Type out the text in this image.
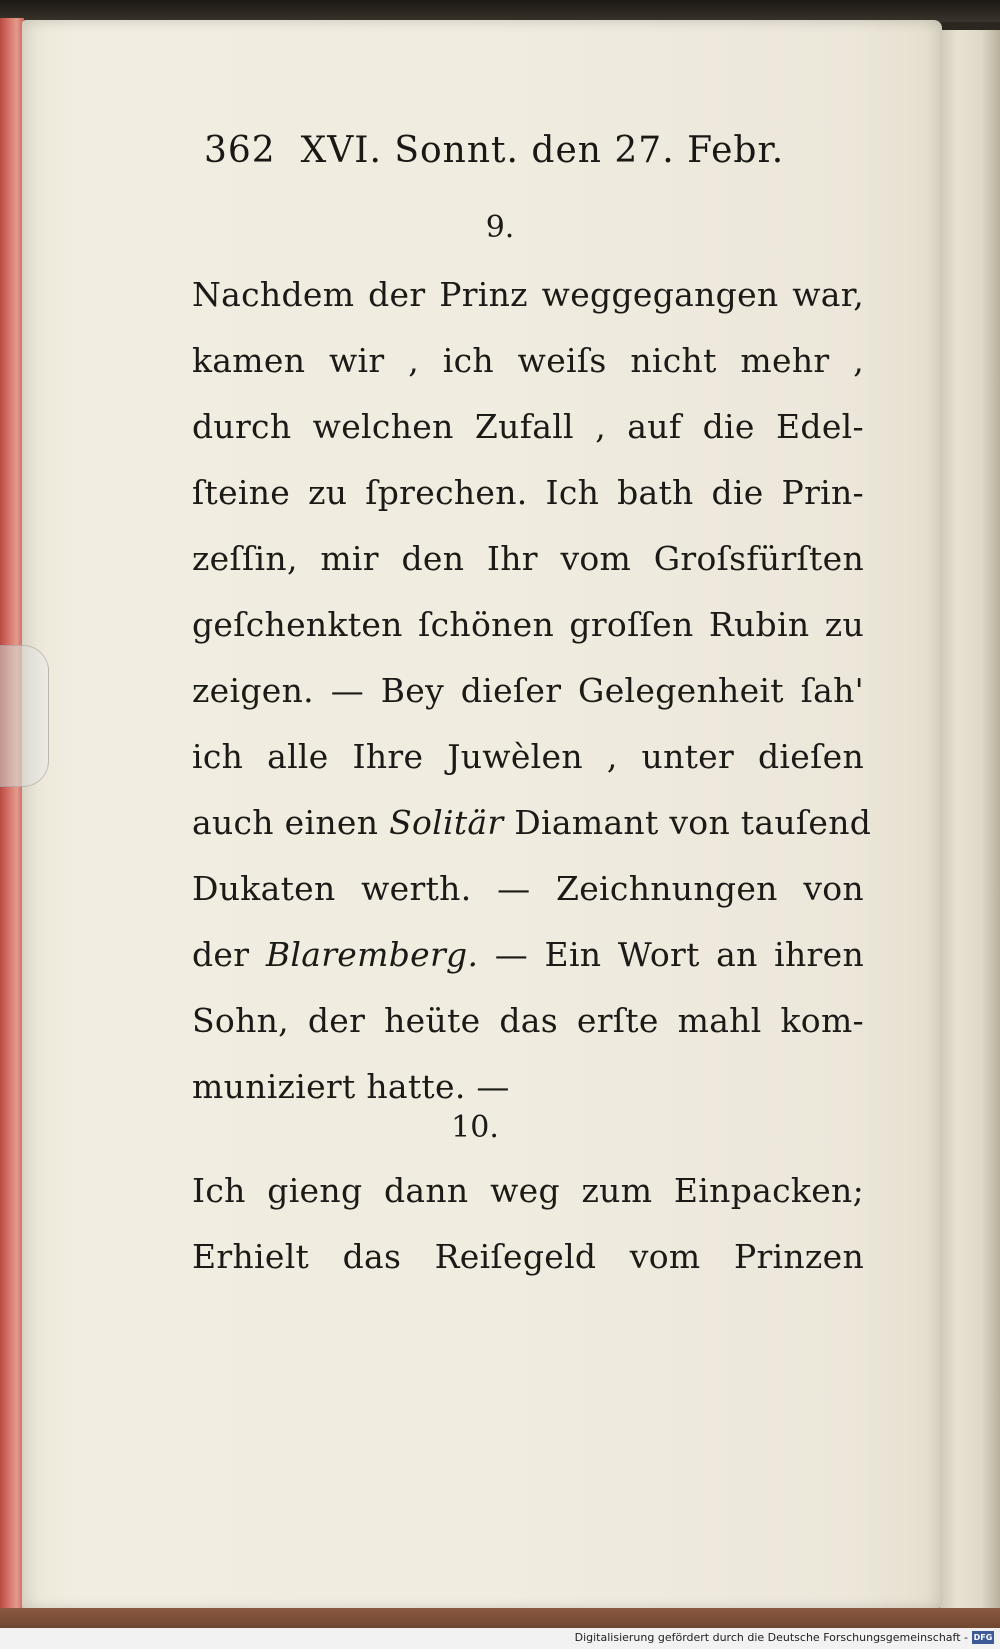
362 XVI. Sonnt. den 27. Febr.
9.
Nachdem der Prinz weggegangen war,
kamen wir , ich weiſs nicht mehr ,
durch welchen Zufall , auf die Edel-
ſteine zu ſprechen. Ich bath die Prin-
zeſſin, mir den Ihr vom Groſsfürſten
geſchenkten ſchönen groſſen Rubin zu
zeigen. — Bey dieſer Gelegenheit ſah'
ich alle Ihre Juwèlen , unter dieſen
auch einen Solitär Diamant von tauſend
Dukaten werth. — Zeichnungen von
der Blaremberg. — Ein Wort an ihren
Sohn, der heüte das erſte mahl kom-
muniziert hatte. —
10.
Ich gieng dann weg zum Einpacken;
Erhielt das Reiſegeld vom Prinzen
Digitalisierung gefördert durch die Deutsche Forschungsgemeinschaft - DFG
